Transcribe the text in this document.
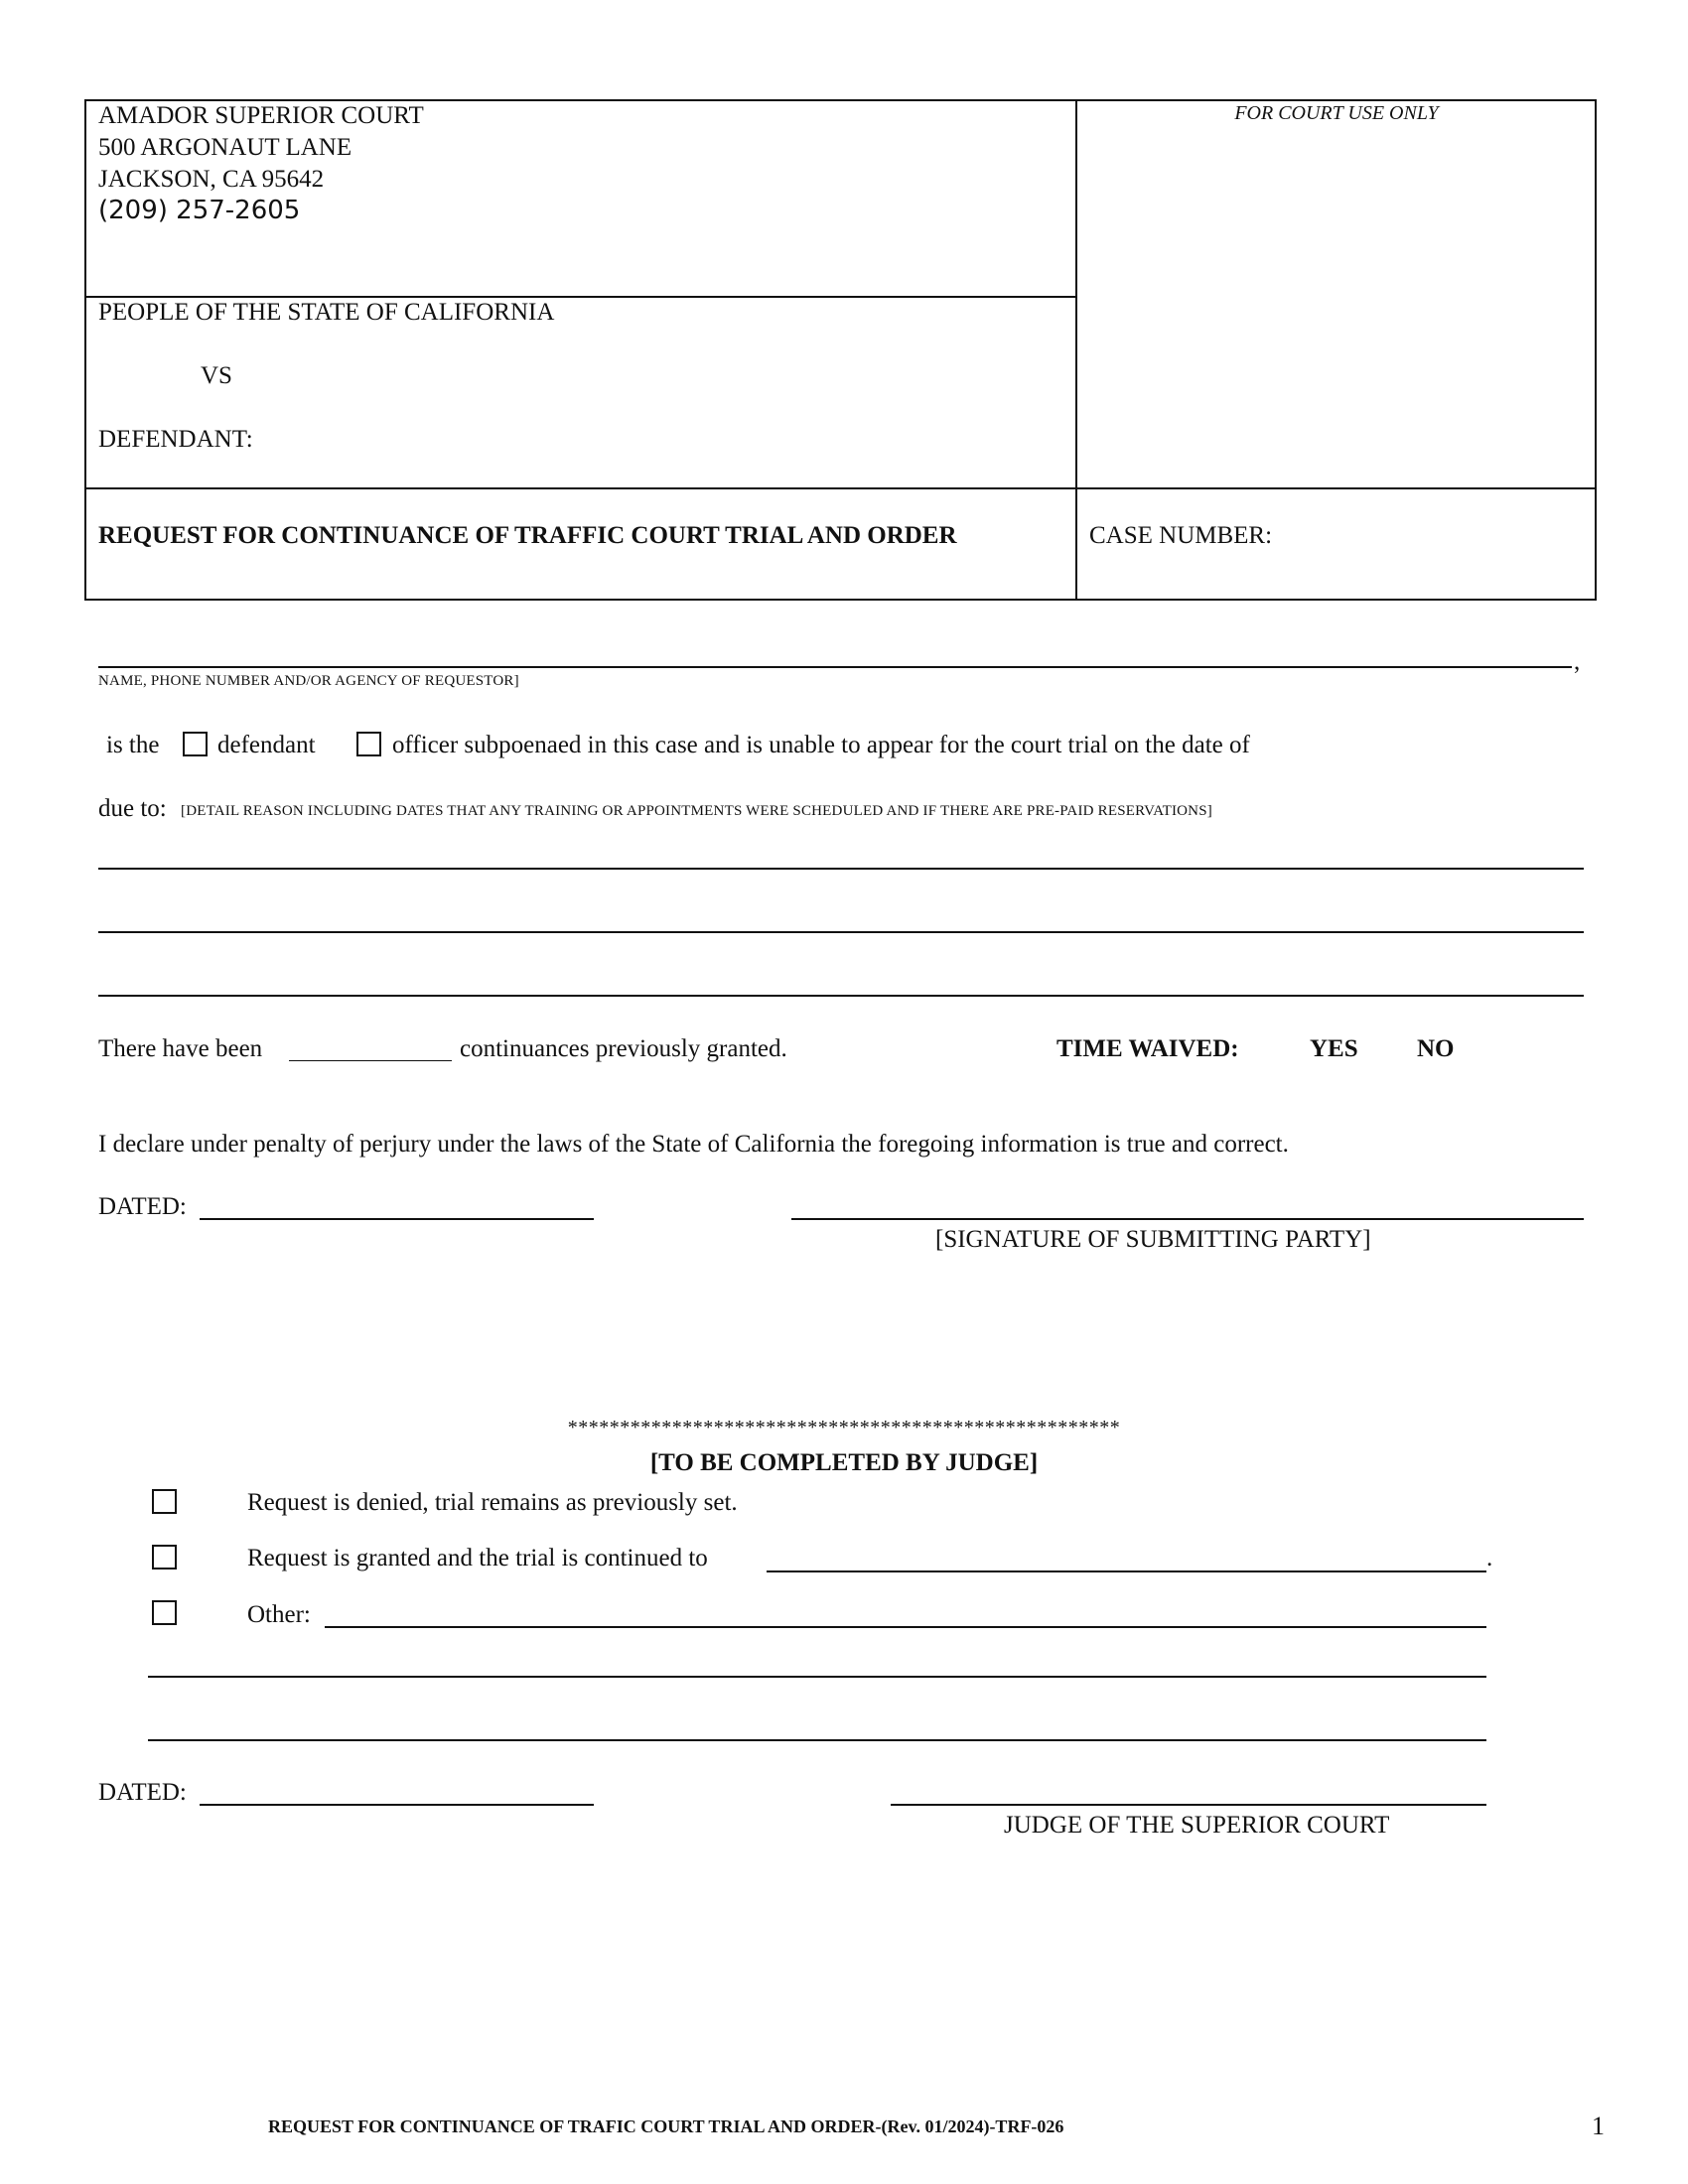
AMADOR SUPERIOR COURT
500 ARGONAUT LANE
JACKSON, CA 95642
(209) 257-2605
FOR COURT USE ONLY
PEOPLE OF THE STATE OF CALIFORNIA
VS
DEFENDANT:
REQUEST FOR CONTINUANCE OF TRAFFIC COURT TRIAL AND ORDER	CASE NUMBER:
,
NAME, PHONE NUMBER AND/OR AGENCY OF REQUESTOR]
is the defendant	officer subpoenaed in this case and is unable to appear for the court trial on the date of
due to: [DETAIL REASON INCLUDING DATES THAT ANY TRAINING OR APPOINTMENTS WERE SCHEDULED AND IF THERE ARE PRE-PAID RESERVATIONS]
There have been	continuances previously granted.	TIME WAIVED:	YES NO
I declare under penalty of perjury under the laws of the State of California the foregoing information is true and correct.
DATED:
[SIGNATURE OF SUBMITTING PARTY]
*****************************************************
[TO BE COMPLETED BY JUDGE]
Request is denied, trial remains as previously set.
Request is granted and the trial is continued to	.
Other:
DATED:
JUDGE OF THE SUPERIOR COURT
REQUEST FOR CONTINUANCE OF TRAFIC COURT TRIAL AND ORDER-(Rev. 01/2024)-TRF-026	1
